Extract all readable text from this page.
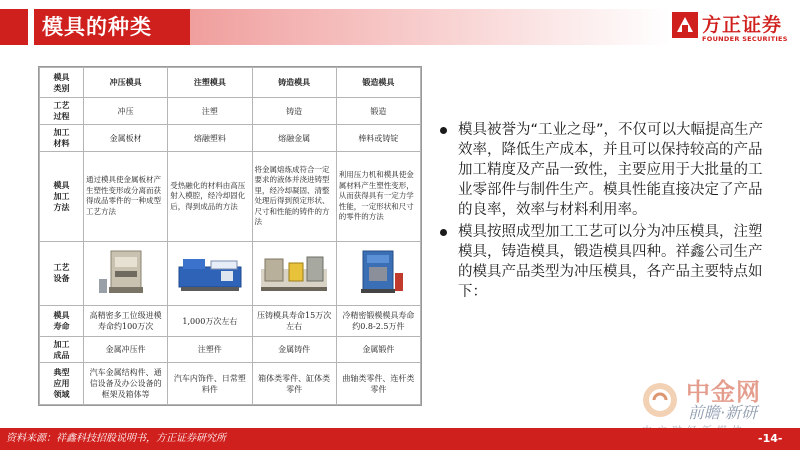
模具的种类	方正证券
FOUNDER SECURITIES
模具
类别	冲压模具	注塑模具	铸造模具	锻造模具
工艺
过程	冲压	注塑	铸造	锻造
加工
材料	金属板材	熔融塑料	熔融金属	棒料或铸锭
模具
加工
方法	通过模具使金属板材产生塑性变形或分离而获得成品零件的一种成型工艺方法	受热融化的材料由高压射入模腔，经冷却固化后，得到成品的方法	将金属熔炼成符合一定要求的液体并浇进铸型里，经冷却凝固、清整处理后得到预定形状、尺寸和性能的铸件的方法	利用压力机和模具使金属材料产生塑性变形，从而获得具有一定力学性能，一定形状和尺寸的零件的方法
工艺
设备				
模具
寿命	高精密多工位级进模寿命约100万次	1,000万次左右	压铸模具寿命15万次左右	冷精密锻模模具寿命约0.8-2.5万件
加工
成品	金属冲压件	注塑件	金属铸件	金属锻件
典型
应用
领域	汽车金属结构件、通信设备及办公设备的框架及箱体等	汽车内饰件、日常塑料件	箱体类零件、缸体类零件	曲轴类零件、连杆类零件
模具被誉为“工业之母”，不仅可以大幅提高生产效率，降低生产成本，并且可以保持较高的产品加工精度及产品一致性，主要应用于大批量的工业零部件与制件生产。模具性能直接决定了产品的良率，效率与材料利用率。
模具按照成型加工工艺可以分为冲压模具，注塑模具，铸造模具，锻造模具四种。祥鑫公司生产的模具产品类型为冲压模具，各产品主要特点如下：
中金网
前瞻·新研
资料来源：祥鑫科技招股说明书，方正证券研究所	-14-
